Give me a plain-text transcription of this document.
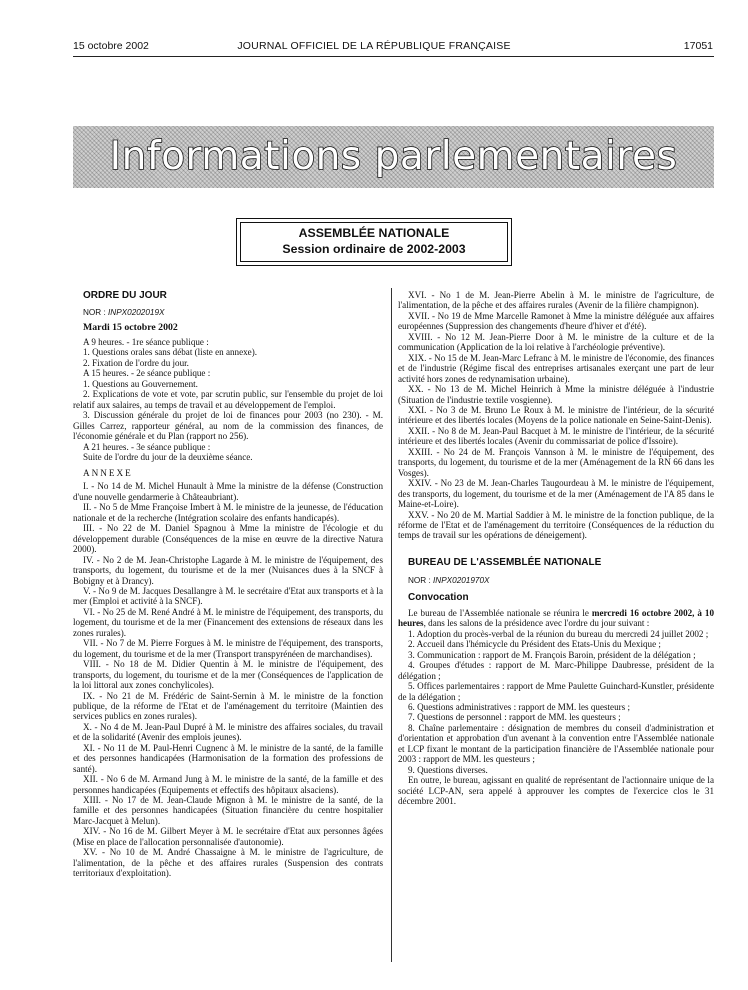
15 octobre 2002	JOURNAL OFFICIEL DE LA RÉPUBLIQUE FRANÇAISE	17051
Informations parlementaires
ASSEMBLÉE NATIONALE
Session ordinaire de 2002-2003

ORDRE DU JOUR

NOR : INPX0202019X

Mardi 15 octobre 2002

A 9 heures. - 1re séance publique :

1. Questions orales sans débat (liste en annexe).

2. Fixation de l'ordre du jour.

A 15 heures. - 2e séance publique :

1. Questions au Gouvernement.

2. Explications de vote et vote, par scrutin public, sur l'ensemble du projet de loi relatif aux salaires, au temps de travail et au développement de l'emploi.

3. Discussion générale du projet de loi de finances pour 2003 (no 230). - M. Gilles Carrez, rapporteur général, au nom de la commission des finances, de l'économie générale et du Plan (rapport no 256).

A 21 heures. - 3e séance publique :

Suite de l'ordre du jour de la deuxième séance.

ANNEXE

I. - No 14 de M. Michel Hunault à Mme la ministre de la défense (Construction d'une nouvelle gendarmerie à Châteaubriant).

II. - No 5 de Mme Françoise Imbert à M. le ministre de la jeunesse, de l'éducation nationale et de la recherche (Intégration scolaire des enfants handicapés).

III. - No 22 de M. Daniel Spagnou à Mme la ministre de l'écologie et du développement durable (Conséquences de la mise en œuvre de la directive Natura 2000).

IV. - No 2 de M. Jean-Christophe Lagarde à M. le ministre de l'équipement, des transports, du logement, du tourisme et de la mer (Nuisances dues à la SNCF à Bobigny et à Drancy).

V. - No 9 de M. Jacques Desallangre à M. le secrétaire d'Etat aux transports et à la mer (Emploi et activité à la SNCF).

VI. - No 25 de M. René André à M. le ministre de l'équipement, des transports, du logement, du tourisme et de la mer (Financement des extensions de réseaux dans les zones rurales).

VII. - No 7 de M. Pierre Forgues à M. le ministre de l'équipement, des transports, du logement, du tourisme et de la mer (Transport transpyrénéen de marchandises).

VIII. - No 18 de M. Didier Quentin à M. le ministre de l'équipement, des transports, du logement, du tourisme et de la mer (Conséquences de l'application de la loi littoral aux zones conchylicoles).

IX. - No 21 de M. Frédéric de Saint-Sernin à M. le ministre de la fonction publique, de la réforme de l'Etat et de l'aménagement du territoire (Maintien des services publics en zones rurales).

X. - No 4 de M. Jean-Paul Dupré à M. le ministre des affaires sociales, du travail et de la solidarité (Avenir des emplois jeunes).

XI. - No 11 de M. Paul-Henri Cugnenc à M. le ministre de la santé, de la famille et des personnes handicapées (Harmonisation de la formation des professions de santé).

XII. - No 6 de M. Armand Jung à M. le ministre de la santé, de la famille et des personnes handicapées (Equipements et effectifs des hôpitaux alsaciens).

XIII. - No 17 de M. Jean-Claude Mignon à M. le ministre de la santé, de la famille et des personnes handicapées (Situation financière du centre hospitalier Marc-Jacquet à Melun).

XIV. - No 16 de M. Gilbert Meyer à M. le secrétaire d'Etat aux personnes âgées (Mise en place de l'allocation personnalisée d'autonomie).

XV. - No 10 de M. André Chassaigne à M. le ministre de l'agriculture, de l'alimentation, de la pêche et des affaires rurales (Suspension des contrats territoriaux d'exploitation).

XVI. - No 1 de M. Jean-Pierre Abelin à M. le ministre de l'agriculture, de l'alimentation, de la pêche et des affaires rurales (Avenir de la filière champignon).

XVII. - No 19 de Mme Marcelle Ramonet à Mme la ministre déléguée aux affaires européennes (Suppression des changements d'heure d'hiver et d'été).

XVIII. - No 12 M. Jean-Pierre Door à M. le ministre de la culture et de la communication (Application de la loi relative à l'archéologie préventive).

XIX. - No 15 de M. Jean-Marc Lefranc à M. le ministre de l'économie, des finances et de l'industrie (Régime fiscal des entreprises artisanales exerçant une part de leur activité hors zones de redynamisation urbaine).

XX. - No 13 de M. Michel Heinrich à Mme la ministre déléguée à l'industrie (Situation de l'industrie textile vosgienne).

XXI. - No 3 de M. Bruno Le Roux à M. le ministre de l'intérieur, de la sécurité intérieure et des libertés locales (Moyens de la police nationale en Seine-Saint-Denis).

XXII. - No 8 de M. Jean-Paul Bacquet à M. le ministre de l'intérieur, de la sécurité intérieure et des libertés locales (Avenir du commissariat de police d'Issoire).

XXIII. - No 24 de M. François Vannson à M. le ministre de l'équipement, des transports, du logement, du tourisme et de la mer (Aménagement de la RN 66 dans les Vosges).

XXIV. - No 23 de M. Jean-Charles Taugourdeau à M. le ministre de l'équipement, des transports, du logement, du tourisme et de la mer (Aménagement de l'A 85 dans le Maine-et-Loire).

XXV. - No 20 de M. Martial Saddier à M. le ministre de la fonction publique, de la réforme de l'Etat et de l'aménagement du territoire (Conséquences de la réduction du temps de travail sur les opérations de déneigement).

BUREAU DE L'ASSEMBLÉE NATIONALE

NOR : INPX0201970X

Convocation

Le bureau de l'Assemblée nationale se réunira le mercredi 16 octobre 2002, à 10 heures, dans les salons de la présidence avec l'ordre du jour suivant :

1. Adoption du procès-verbal de la réunion du bureau du mercredi 24 juillet 2002 ;

2. Accueil dans l'hémicycle du Président des Etats-Unis du Mexique ;

3. Communication : rapport de M. François Baroin, président de la délégation ;

4. Groupes d'études : rapport de M. Marc-Philippe Daubresse, président de la délégation ;

5. Offices parlementaires : rapport de Mme Paulette Guinchard-Kunstler, présidente de la délégation ;

6. Questions administratives : rapport de MM. les questeurs ;

7. Questions de personnel : rapport de MM. les questeurs ;

8. Chaîne parlementaire : désignation de membres du conseil d'administration et d'orientation et approbation d'un avenant à la convention entre l'Assemblée nationale et LCP fixant le montant de la participation financière de l'Assemblée nationale pour 2003 : rapport de MM. les questeurs ;

9. Questions diverses.

En outre, le bureau, agissant en qualité de représentant de l'actionnaire unique de la société LCP-AN, sera appelé à approuver les comptes de l'exercice clos le 31 décembre 2001.
